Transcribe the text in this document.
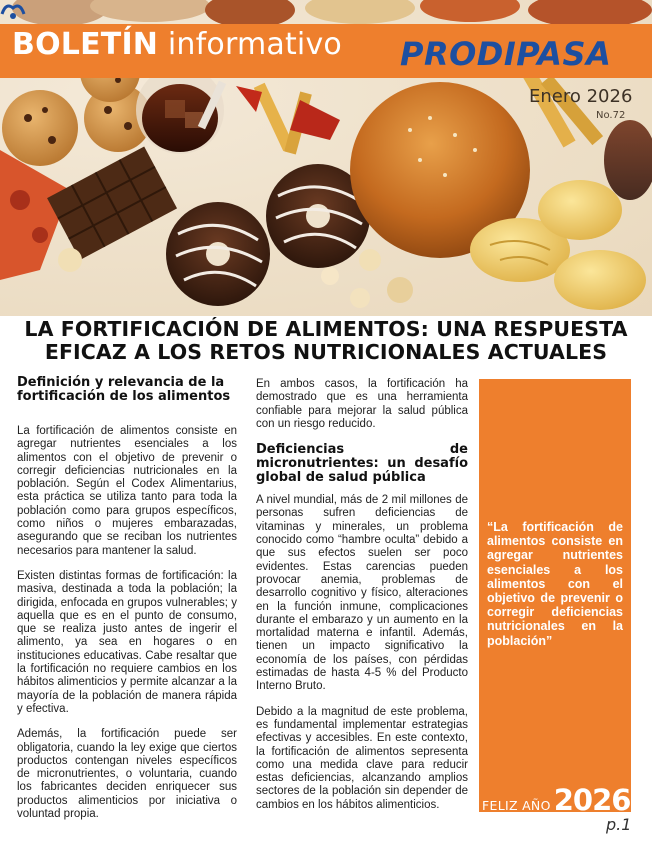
BOLETÍN informativo PRODIPASA
Enero 2026
No.72
LA FORTIFICACIÓN DE ALIMENTOS: UNA RESPUESTA
EFICAZ A LOS RETOS NUTRICIONALES ACTUALES
Definición y relevancia de la fortificación de los alimentos

La fortificación de alimentos consiste en agregar nutrientes esenciales a los alimentos con el objetivo de prevenir o corregir deficiencias nutricionales en la población. Según el Codex Alimentarius, esta práctica se utiliza tanto para toda la población como para grupos específicos, como niños o mujeres embarazadas, asegurando que se reciban los nutrientes necesarios para mantener la salud.

Existen distintas formas de fortificación: la masiva, destinada a toda la población; la dirigida, enfocada en grupos vulnerables; y aquella que es en el punto de consumo, que se realiza justo antes de ingerir el alimento, ya sea en hogares o en instituciones educativas. Cabe resaltar que la fortificación no requiere cambios en los hábitos alimenticios y permite alcanzar a la mayoría de la población de manera rápida y efectiva.

Además, la fortificación puede ser obligatoria, cuando la ley exige que ciertos productos contengan niveles específicos de micronutrientes, o voluntaria, cuando los fabricantes deciden enriquecer sus productos alimenticios por iniciativa o voluntad propia.

En ambos casos, la fortificación ha demostrado que es una herramienta confiable para mejorar la salud pública con un riesgo reducido.

Deficiencias de micronutrientes: un desafío global de salud pública

A nivel mundial, más de 2 mil millones de personas sufren deficiencias de vitaminas y minerales, un problema conocido como “hambre oculta” debido a que sus efectos suelen ser poco evidentes. Estas carencias pueden provocar anemia, problemas de desarrollo cognitivo y físico, alteraciones en la función inmune, complicaciones durante el embarazo y un aumento en la mortalidad materna e infantil. Además, tienen un impacto significativo la economía de los países, con pérdidas estimadas de hasta 4-5 % del Producto Interno Bruto.

Debido a la magnitud de este problema, es fundamental implementar estrategias efectivas y accesibles. En este contexto, la fortificación de alimentos sepresenta como una medida clave para reducir estas deficiencias, alcanzando amplios sectores de la población sin depender de cambios en los hábitos alimenticios.

“La fortificación de alimentos consiste en agregar nutrientes esenciales a los alimentos con el objetivo de prevenir o corregir deficiencias nutricionales en la población”
FELIZ AÑO 2026
p.1
